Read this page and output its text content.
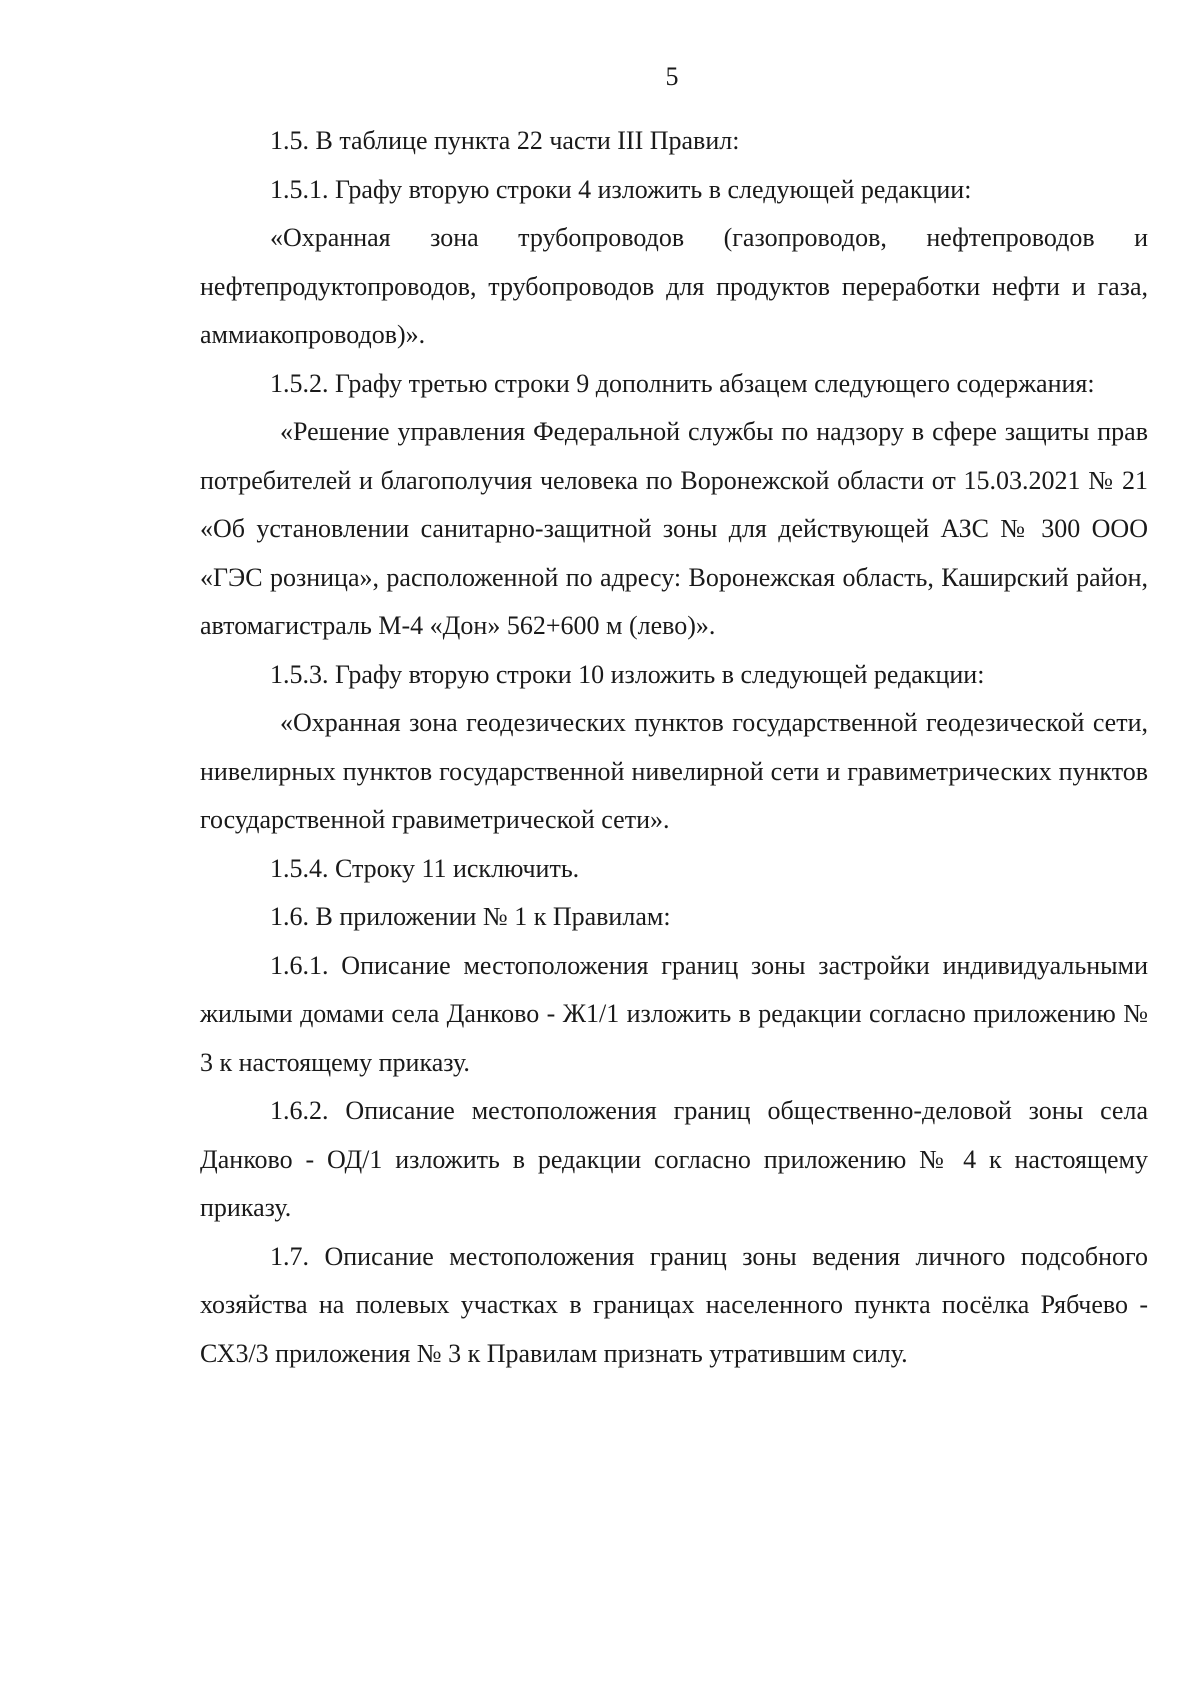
5

1.5. В таблице пункта 22 части III Правил:

1.5.1. Графу вторую строки 4 изложить в следующей редакции:

«Охранная зона трубопроводов (газопроводов, нефтепроводов и нефтепродуктопроводов, трубопроводов для продуктов переработки нефти и газа, аммиакопроводов)».

1.5.2. Графу третью строки 9 дополнить абзацем следующего содержания:

«Решение управления Федеральной службы по надзору в сфере защиты прав потребителей и благополучия человека по Воронежской области от 15.03.2021 № 21 «Об установлении санитарно-защитной зоны для действующей АЗС № 300 ООО «ГЭС розница», расположенной по адресу: Воронежская область, Каширский район, автомагистраль М-4 «Дон» 562+600 м (лево)».

1.5.3. Графу вторую строки 10 изложить в следующей редакции:

«Охранная зона геодезических пунктов государственной геодезической сети, нивелирных пунктов государственной нивелирной сети и гравиметрических пунктов государственной гравиметрической сети».

1.5.4. Строку 11 исключить.

1.6. В приложении № 1 к Правилам:

1.6.1. Описание местоположения границ зоны застройки индивидуальными жилыми домами села Данково - Ж1/1 изложить в редакции согласно приложению № 3 к настоящему приказу.

1.6.2. Описание местоположения границ общественно-деловой зоны села Данково - ОД/1 изложить в редакции согласно приложению № 4 к настоящему приказу.

1.7. Описание местоположения границ зоны ведения личного подсобного хозяйства на полевых участках в границах населенного пункта посёлка Рябчево - СХ3/3 приложения № 3 к Правилам признать утратившим силу.
